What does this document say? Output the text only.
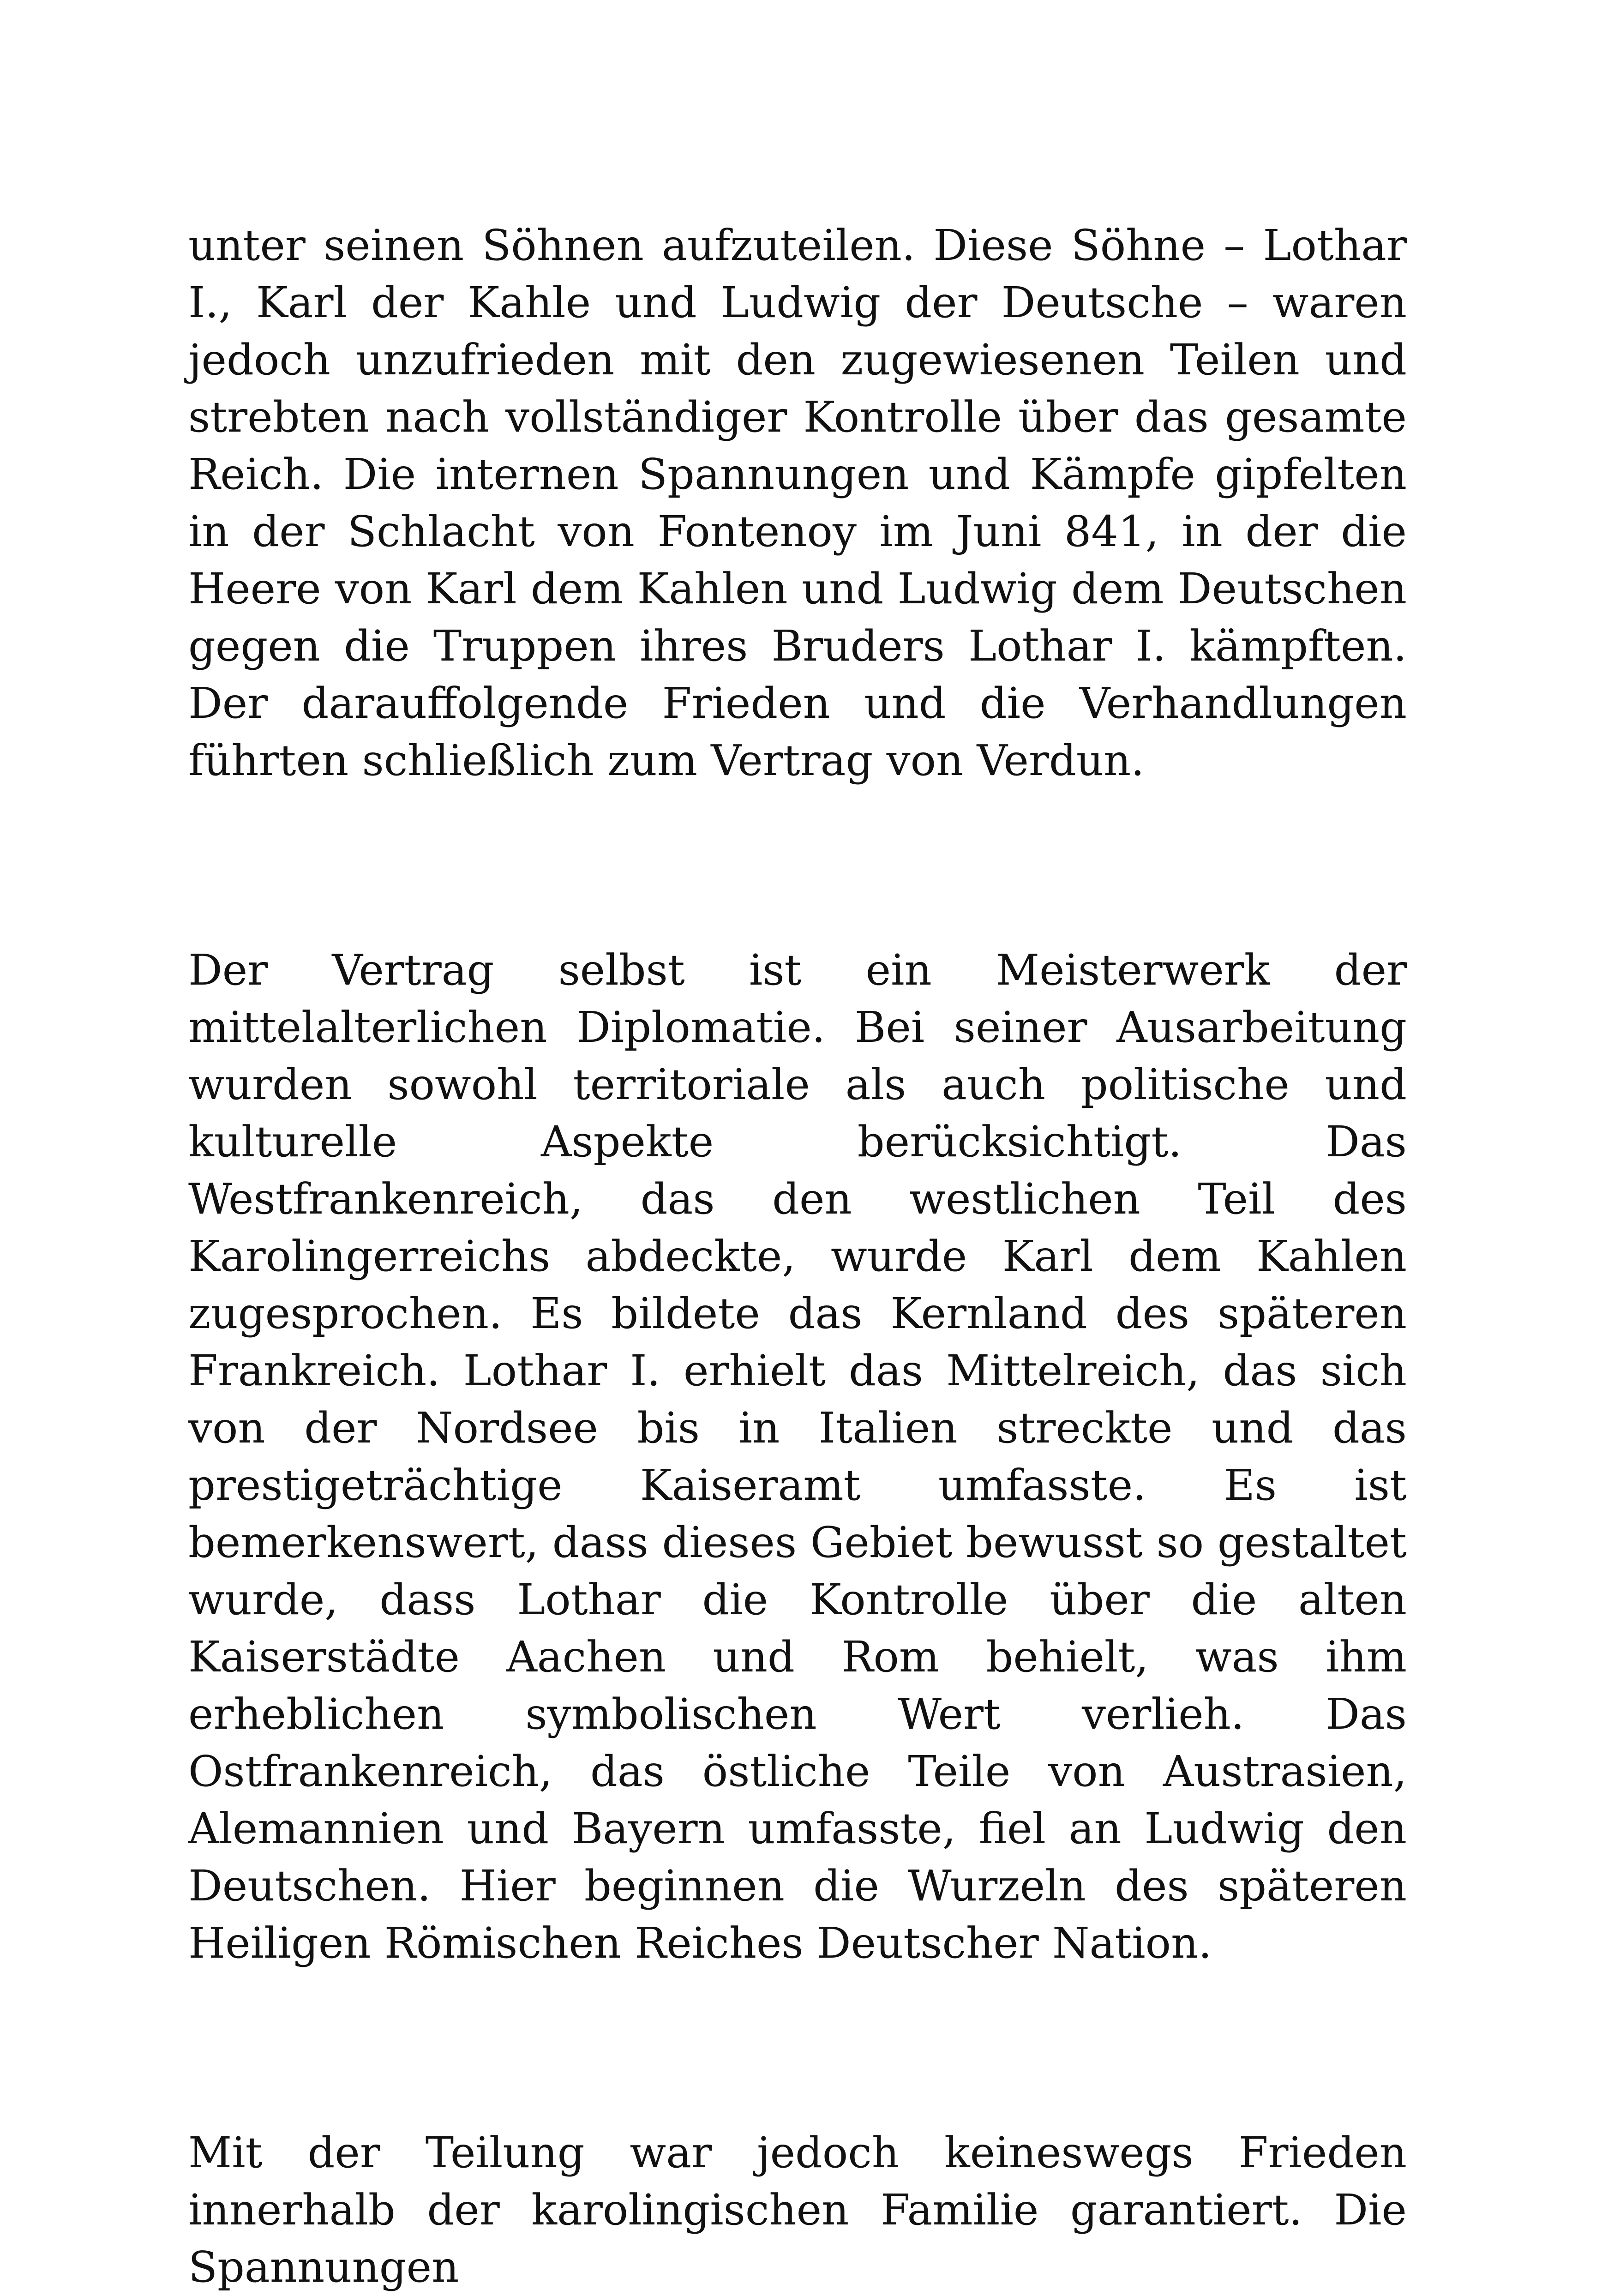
unter seinen Söhnen aufzuteilen. Diese Söhne – Lothar I., Karl der Kahle und Ludwig der Deutsche – waren jedoch unzufrieden mit den zugewiesenen Teilen und strebten nach vollständiger Kontrolle über das gesamte Reich. Die internen Spannungen und Kämpfe gipfelten in der Schlacht von Fontenoy im Juni 841, in der die Heere von Karl dem Kahlen und Ludwig dem Deutschen gegen die Truppen ihres Bruders Lothar I. kämpften. Der darauffolgende Frieden und die Verhandlungen führten schließlich zum Vertrag von Verdun.

Der Vertrag selbst ist ein Meisterwerk der mittelalterlichen Diplomatie. Bei seiner Ausarbeitung wurden sowohl territoriale als auch politische und kulturelle Aspekte berücksichtigt. Das Westfrankenreich, das den westlichen Teil des Karolingerreichs abdeckte, wurde Karl dem Kahlen zugesprochen. Es bildete das Kernland des späteren Frankreich. Lothar I. erhielt das Mittelreich, das sich von der Nordsee bis in Italien streckte und das prestigeträchtige Kaiseramt umfasste. Es ist bemerkenswert, dass dieses Gebiet bewusst so gestaltet wurde, dass Lothar die Kontrolle über die alten Kaiserstädte Aachen und Rom behielt, was ihm erheblichen symbolischen Wert verlieh. Das Ostfrankenreich, das östliche Teile von Austrasien, Alemannien und Bayern umfasste, fiel an Ludwig den Deutschen. Hier beginnen die Wurzeln des späteren Heiligen Römischen Reiches Deutscher Nation.

Mit der Teilung war jedoch keineswegs Frieden innerhalb der karolingischen Familie garantiert. Die Spannungen
